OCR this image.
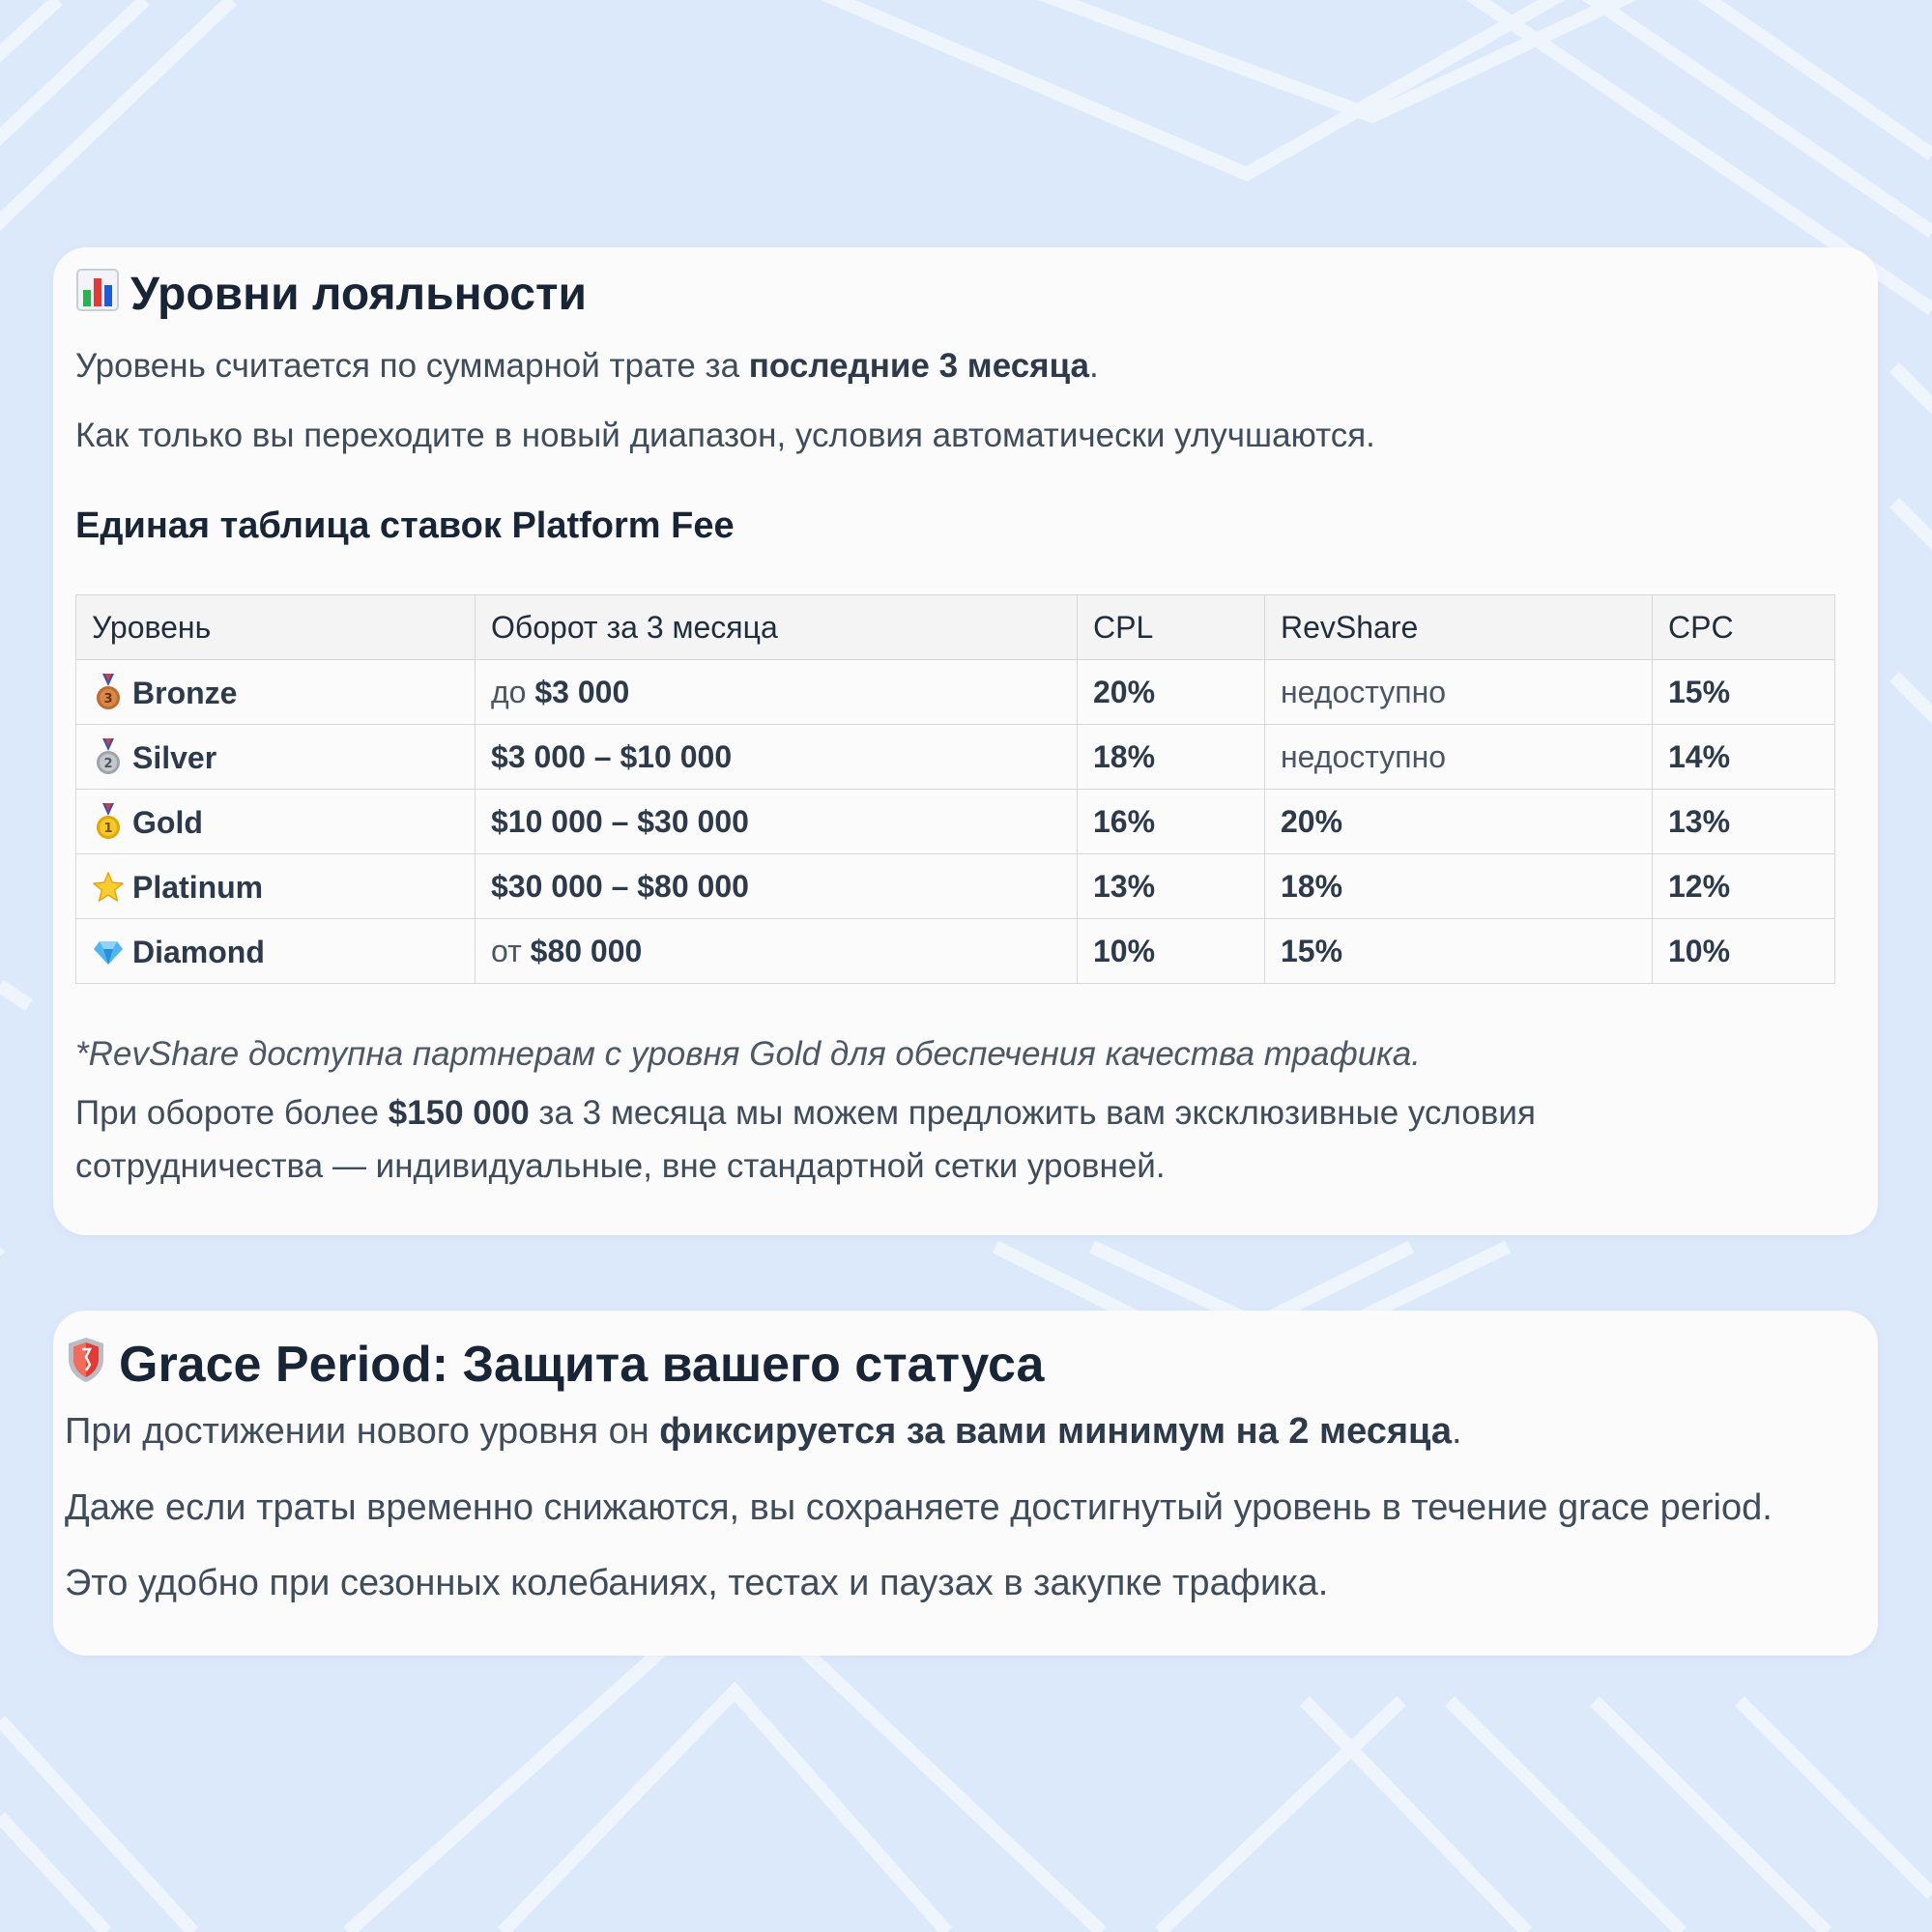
Уровни лояльности
Уровень считается по суммарной трате за последние 3 месяца.
Как только вы переходите в новый диапазон, условия автоматически улучшаются.
Единая таблица ставок Platform Fee
Уровень	Оборот за 3 месяца	CPL	RevShare	CPC

3 Bronze	до $3 000	20%	недоступно	15%

2 Silver	$3 000 – $10 000	18%	недоступно	14%

1 Gold	$10 000 – $30 000	16%	20%	13%
Platinum	$30 000 – $80 000	13%	18%	12%
Diamond	от $80 000	10%	15%	10%
*RevShare доступна партнерам с уровня Gold для обеспечения качества трафика.
При обороте более $150 000 за 3 месяца мы можем предложить вам эксклюзивные условия
сотрудничества — индивидуальные, вне стандартной сетки уровней.
Grace Period: Защита вашего статуса
При достижении нового уровня он фиксируется за вами минимум на 2 месяца.
Даже если траты временно снижаются, вы сохраняете достигнутый уровень в течение grace period.
Это удобно при сезонных колебаниях, тестах и паузах в закупке трафика.
